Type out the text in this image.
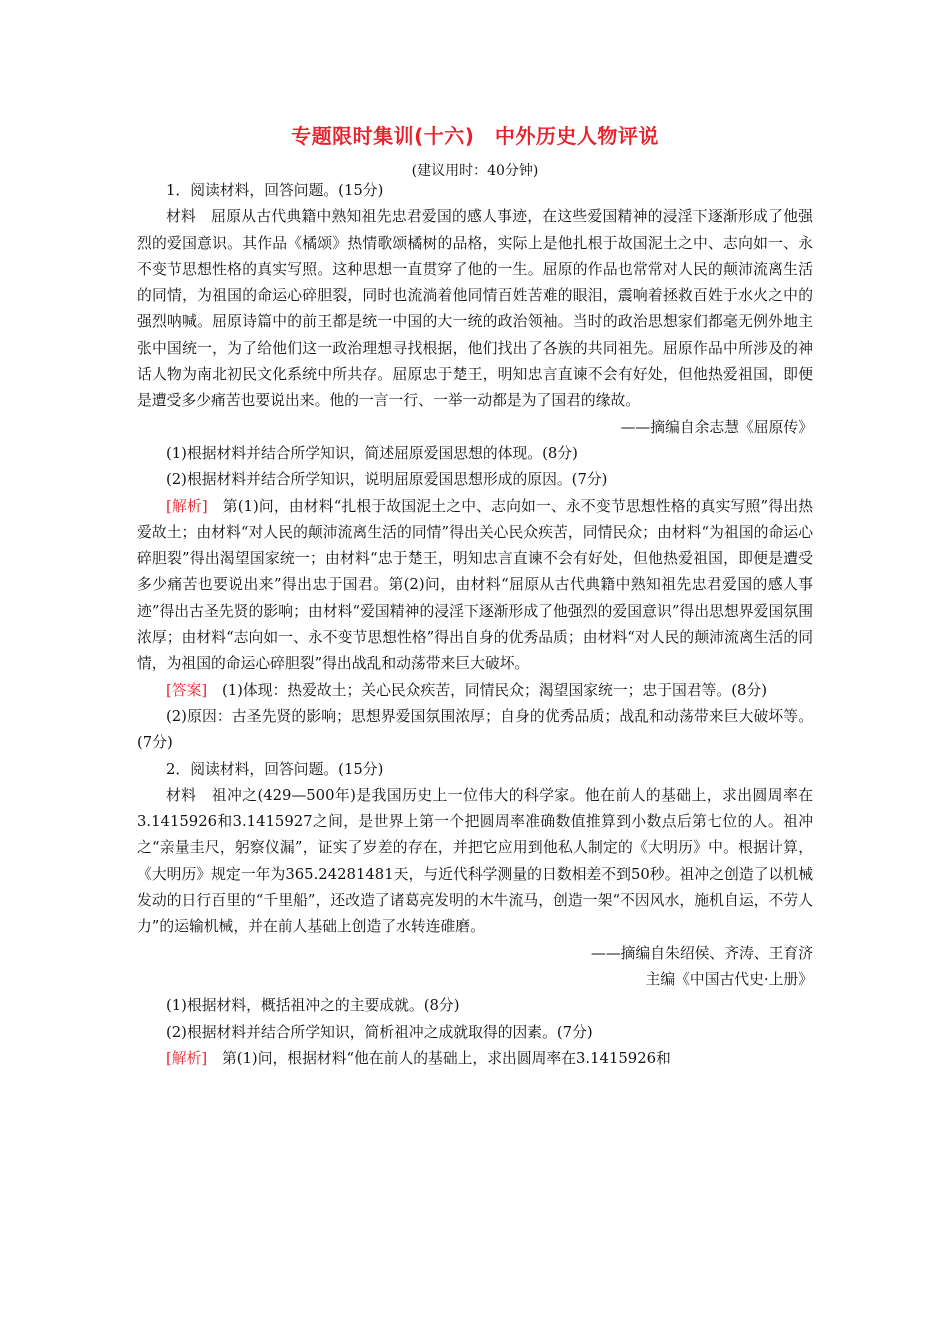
专题限时集训(十六)　中外历史人物评说
(建议用时：40分钟)

1．阅读材料，回答问题。(15分)

材料　 屈原从古代典籍中熟知祖先忠君爱国的感人事迹，在这些爱国精神的浸淫下逐渐形成了他强烈的爱国意识。其作品《橘颂》热情歌颂橘树的品格，实际上是他扎根于故国泥土之中、志向如一、永不变节思想性格的真实写照。这种思想一直贯穿了他的一生。屈原的作品也常常对人民的颠沛流离生活的同情，为祖国的命运心碎胆裂，同时也流淌着他同情百姓苦难的眼泪，震响着拯救百姓于水火之中的强烈呐喊。屈原诗篇中的前王都是统一中国的大一统的政治领袖。当时的政治思想家们都毫无例外地主张中国统一，为了给他们这一政治理想寻找根据，他们找出了各族的共同祖先。屈原作品中所涉及的神话人物为南北初民文化系统中所共存。屈原忠于楚王，明知忠言直谏不会有好处，但他热爱祖国，即便是遭受多少痛苦也要说出来。他的一言一行、一举一动都是为了国君的缘故。

——摘编自余志慧《屈原传》

(1)根据材料并结合所学知识，简述屈原爱国思想的体现。(8分)

(2)根据材料并结合所学知识，说明屈原爱国思想形成的原因。(7分)

[解析]　 第(1)问，由材料“扎根于故国泥土之中、志向如一、永不变节思想性格的真实写照”得出热爱故土；由材料“对人民的颠沛流离生活的同情”得出关心民众疾苦，同情民众；由材料“为祖国的命运心碎胆裂”得出渴望国家统一；由材料“忠于楚王，明知忠言直谏不会有好处，但他热爱祖国，即便是遭受多少痛苦也要说出来”得出忠于国君。第(2)问，由材料“屈原从古代典籍中熟知祖先忠君爱国的感人事迹”得出古圣先贤的影响；由材料“爱国精神的浸淫下逐渐形成了他强烈的爱国意识”得出思想界爱国氛围浓厚；由材料“志向如一、永不变节思想性格”得出自身的优秀品质；由材料“对人民的颠沛流离生活的同情，为祖国的命运心碎胆裂”得出战乱和动荡带来巨大破坏。

[答案]　 (1)体现：热爱故土；关心民众疾苦，同情民众；渴望国家统一；忠于国君等。(8分)

(2)原因：古圣先贤的影响；思想界爱国氛围浓厚；自身的优秀品质；战乱和动荡带来巨大破坏等。(7分)

2．阅读材料，回答问题。(15分)

材料　 祖冲之(429—500年)是我国历史上一位伟大的科学家。他在前人的基础上，求出圆周率在3.1415926和3.1415927之间，是世界上第一个把圆周率准确数值推算到小数点后第七位的人。祖冲之“亲量圭尺，躬察仪漏”，证实了岁差的存在，并把它应用到他私人制定的《大明历》中。根据计算，《大明历》规定一年为365.24281481天，与近代科学测量的日数相差不到50秒。祖冲之创造了以机械发动的日行百里的“千里船”，还改造了诸葛亮发明的木牛流马，创造一架“不因风水，施机自运，不劳人力”的运输机械，并在前人基础上创造了水转连碓磨。

——摘编自朱绍侯、齐涛、王育济

主编《中国古代史·上册》

(1)根据材料，概括祖冲之的主要成就。(8分)

(2)根据材料并结合所学知识，简析祖冲之成就取得的因素。(7分)

[解析]　 第(1)问，根据材料“他在前人的基础上，求出圆周率在3.1415926和
